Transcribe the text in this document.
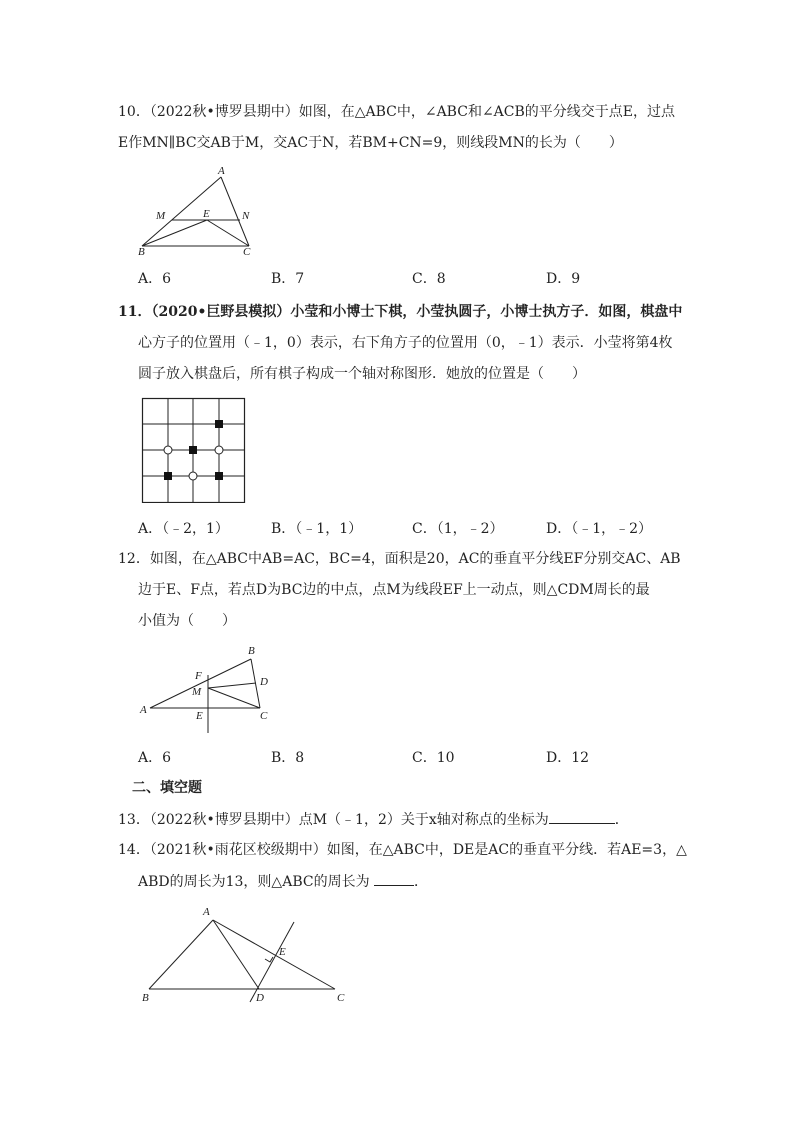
10．（2022秋•博罗县期中）如图，在△ABC中，∠ABC和∠ACB的平分线交于点E，过点
E作MN∥BC交AB于M，交AC于N，若BM+CN=9，则线段MN的长为（　　）
A
M	E	N
B	C
A．6	B．7	C．8	D．9
11．（2020•巨野县模拟）小莹和小博士下棋，小莹执圆子，小博士执方子．如图，棋盘中
心方子的位置用（﹣1，0）表示，右下角方子的位置用（0，﹣1）表示．小莹将第4枚
圆子放入棋盘后，所有棋子构成一个轴对称图形．她放的位置是（　　）
A．（﹣2，1）	B．（﹣1，1）	C．（1，﹣2）	D．（﹣1，﹣2）
12．如图，在△ABC中AB=AC，BC=4，面积是20，AC的垂直平分线EF分别交AC、AB
边于E、F点，若点D为BC边的中点，点M为线段EF上一动点，则△CDM周长的最
小值为（　　）
B
F	D
M
A	E	C
A．6	B．8	C．10	D．12
二、填空题
13．（2022秋•博罗县期中）点M（﹣1，2）关于x轴对称点的坐标为	．
14．（2021秋•雨花区校级期中）如图，在△ABC中，DE是AC的垂直平分线．若AE=3，△
ABD的周长为13，则△ABC的周长为	．
A
E
B	D	C
